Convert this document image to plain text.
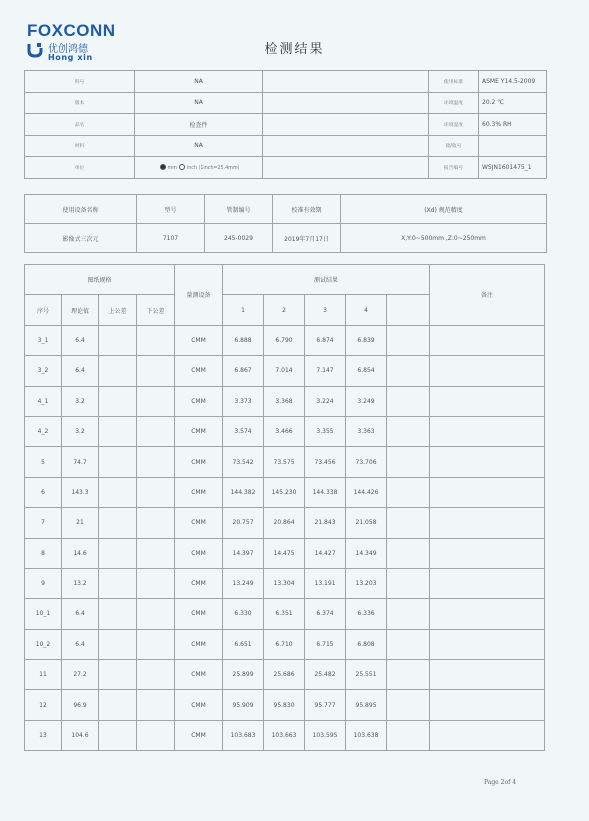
FOXCONN
优创鸿德
Hong xin
检测结果
料号	NA		使用标准	ASME Y14.5-2009
版本	NA		环境温度	20.2 ℃
品名	检查件		环境湿度	60.3% RH
材料	NA		接/收号	
单位	mm inch (1inch=25.4mm)		报告编号	WSJN1601475_1
使用设备名称	型号	管制编号	校准有效期	(Xd) 规范精度
影像式三次元	7107	245-0029	2019年7月17日	X,Y:0~500mm ,Z:0~250mm
图纸规格				量测设备	测试结果					备注
序号	理论值	上公差	下公差		1	2	3	4		
3_1	6.4			CMM	6.888	6.790	6.874	6.839		
3_2	6.4			CMM	6.867	7.014	7.147	6.854		
4_1	3.2			CMM	3.373	3.368	3.224	3.249		
4_2	3.2			CMM	3.574	3.466	3.355	3.363		
5	74.7			CMM	73.542	73.575	73.456	73.706		
6	143.3			CMM	144.382	145.230	144.338	144.426		
7	21			CMM	20.757	20.864	21.843	21.058		
8	14.6			CMM	14.397	14.475	14.427	14.349		
9	13.2			CMM	13.249	13.304	13.191	13.203		
10_1	6.4			CMM	6.330	6.351	6.374	6.336		
10_2	6.4			CMM	6.651	6.710	6.715	6.808		
11	27.2			CMM	25.899	25.686	25.482	25.551		
12	96.9			CMM	95.909	95.830	95.777	95.895		
13	104.6			CMM	103.683	103.663	103.595	103.638		
Page 2of 4
